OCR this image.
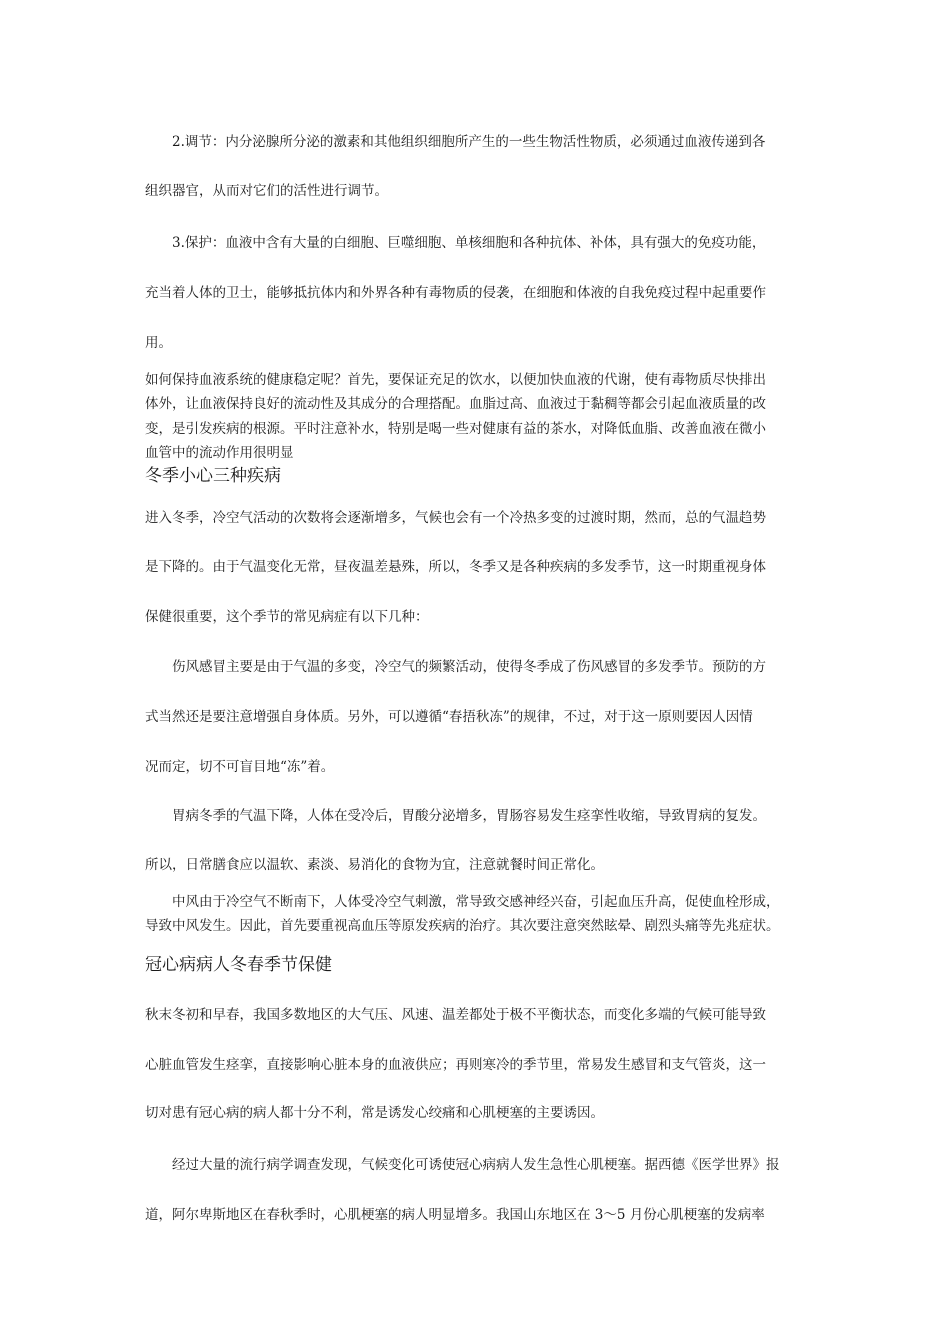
2.调节：内分泌腺所分泌的激素和其他组织细胞所产生的一些生物活性物质，必须通过血液传递到各
组织器官，从而对它们的活性进行调节。
3.保护：血液中含有大量的白细胞、巨噬细胞、单核细胞和各种抗体、补体，具有强大的免疫功能，
充当着人体的卫士，能够抵抗体内和外界各种有毒物质的侵袭，在细胞和体液的自我免疫过程中起重要作
用。
如何保持血液系统的健康稳定呢？首先，要保证充足的饮水，以便加快血液的代谢，使有毒物质尽快排出
体外，让血液保持良好的流动性及其成分的合理搭配。血脂过高、血液过于黏稠等都会引起血液质量的改
变，是引发疾病的根源。平时注意补水，特别是喝一些对健康有益的茶水，对降低血脂、改善血液在微小
血管中的流动作用很明显
冬季小心三种疾病
进入冬季，冷空气活动的次数将会逐渐增多，气候也会有一个冷热多变的过渡时期，然而，总的气温趋势
是下降的。由于气温变化无常，昼夜温差悬殊，所以，冬季又是各种疾病的多发季节，这一时期重视身体
保健很重要，这个季节的常见病症有以下几种：
伤风感冒主要是由于气温的多变，冷空气的频繁活动，使得冬季成了伤风感冒的多发季节。预防的方
式当然还是要注意增强自身体质。另外，可以遵循“春捂秋冻”的规律，不过，对于这一原则要因人因情
况而定，切不可盲目地“冻”着。
胃病冬季的气温下降，人体在受冷后，胃酸分泌增多，胃肠容易发生痉挛性收缩，导致胃病的复发。
所以，日常膳食应以温软、素淡、易消化的食物为宜，注意就餐时间正常化。
中风由于冷空气不断南下，人体受冷空气刺激，常导致交感神经兴奋，引起血压升高，促使血栓形成，
导致中风发生。因此，首先要重视高血压等原发疾病的治疗。其次要注意突然眩晕、剧烈头痛等先兆症状。
冠心病病人冬春季节保健
秋末冬初和早春，我国多数地区的大气压、风速、温差都处于极不平衡状态，而变化多端的气候可能导致
心脏血管发生痉挛，直接影响心脏本身的血液供应；再则寒冷的季节里，常易发生感冒和支气管炎，这一
切对患有冠心病的病人都十分不利，常是诱发心绞痛和心肌梗塞的主要诱因。
经过大量的流行病学调查发现，气候变化可诱使冠心病病人发生急性心肌梗塞。据西德《医学世界》报
道，阿尔卑斯地区在春秋季时，心肌梗塞的病人明显增多。我国山东地区在 3～5 月份心肌梗塞的发病率
